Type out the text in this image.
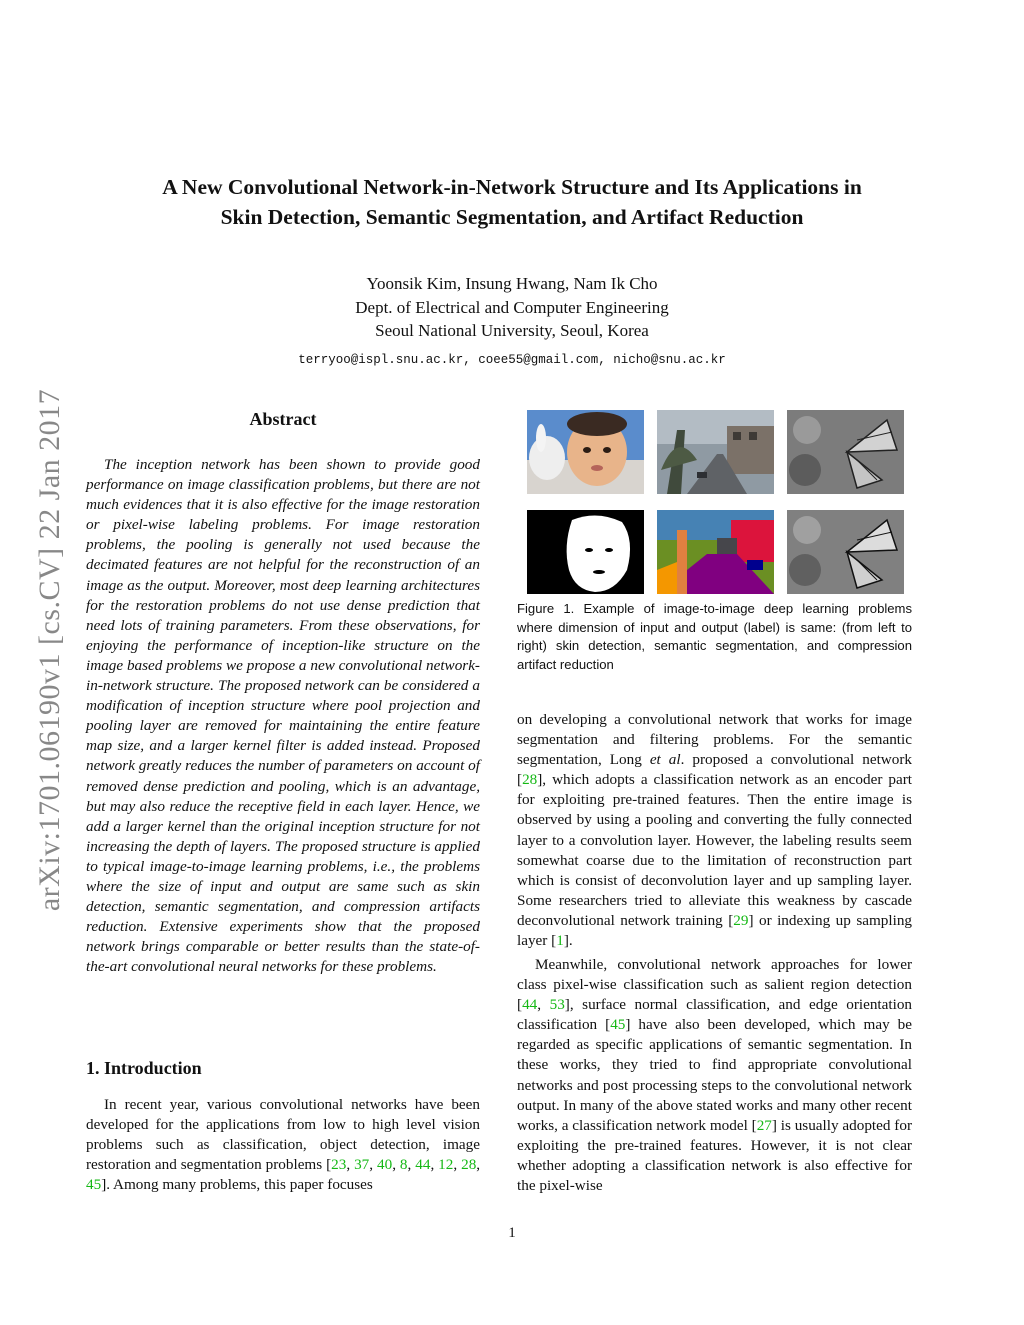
arXiv:1701.06190v1 [cs.CV] 22 Jan 2017
A New Convolutional Network-in-Network Structure and Its Applications in
Skin Detection, Semantic Segmentation, and Artifact Reduction
Yoonsik Kim, Insung Hwang, Nam Ik Cho
Dept. of Electrical and Computer Engineering
Seoul National University, Seoul, Korea
terryoo@ispl.snu.ac.kr, coee55@gmail.com, nicho@snu.ac.kr
Abstract
The inception network has been shown to provide good performance on image classification problems, but there are not much evidences that it is also effective for the image restoration or pixel-wise labeling problems. For image restoration problems, the pooling is generally not used because the decimated features are not helpful for the reconstruction of an image as the output. Moreover, most deep learning architectures for the restoration problems do not use dense prediction that need lots of training parameters. From these observations, for enjoying the performance of inception-like structure on the image based problems we propose a new convolutional network-in-network structure. The proposed network can be considered a modification of inception structure where pool projection and pooling layer are removed for maintaining the entire feature map size, and a larger kernel filter is added instead. Proposed network greatly reduces the number of parameters on account of removed dense prediction and pooling, which is an advantage, but may also reduce the receptive field in each layer. Hence, we add a larger kernel than the original inception structure for not increasing the depth of layers. The proposed structure is applied to typical image-to-image learning problems, i.e., the problems where the size of input and output are same such as skin detection, semantic segmentation, and compression artifacts reduction. Extensive experiments show that the proposed network brings comparable or better results than the state-of-the-art convolutional neural networks for these problems.
1. Introduction
In recent year, various convolutional networks have been developed for the applications from low to high level vision problems such as classification, object detection, image restoration and segmentation problems [23, 37, 40, 8, 44, 12, 28, 45]. Among many problems, this paper focuses
Figure 1. Example of image-to-image deep learning problems where dimension of input and output (label) is same: (from left to right) skin detection, semantic segmentation, and compression artifact reduction
on developing a convolutional network that works for image segmentation and filtering problems. For the semantic segmentation, Long et al. proposed a convolutional network [28], which adopts a classification network as an encoder part for exploiting pre-trained features. Then the entire image is observed by using a pooling and converting the fully connected layer to a convolution layer. However, the labeling results seem somewhat coarse due to the limitation of reconstruction part which is consist of deconvolution layer and up sampling layer. Some researchers tried to alleviate this weakness by cascade deconvolutional network training [29] or indexing up sampling layer [1].
Meanwhile, convolutional network approaches for lower class pixel-wise classification such as salient region detection [44, 53], surface normal classification, and edge orientation classification [45] have also been developed, which may be regarded as specific applications of semantic segmentation. In these works, they tried to find appropriate convolutional networks and post processing steps to the convolutional network output. In many of the above stated works and many other recent works, a classification network model [27] is usually adopted for exploiting the pre-trained features. However, it is not clear whether adopting a classification network is also effective for the pixel-wise
1
